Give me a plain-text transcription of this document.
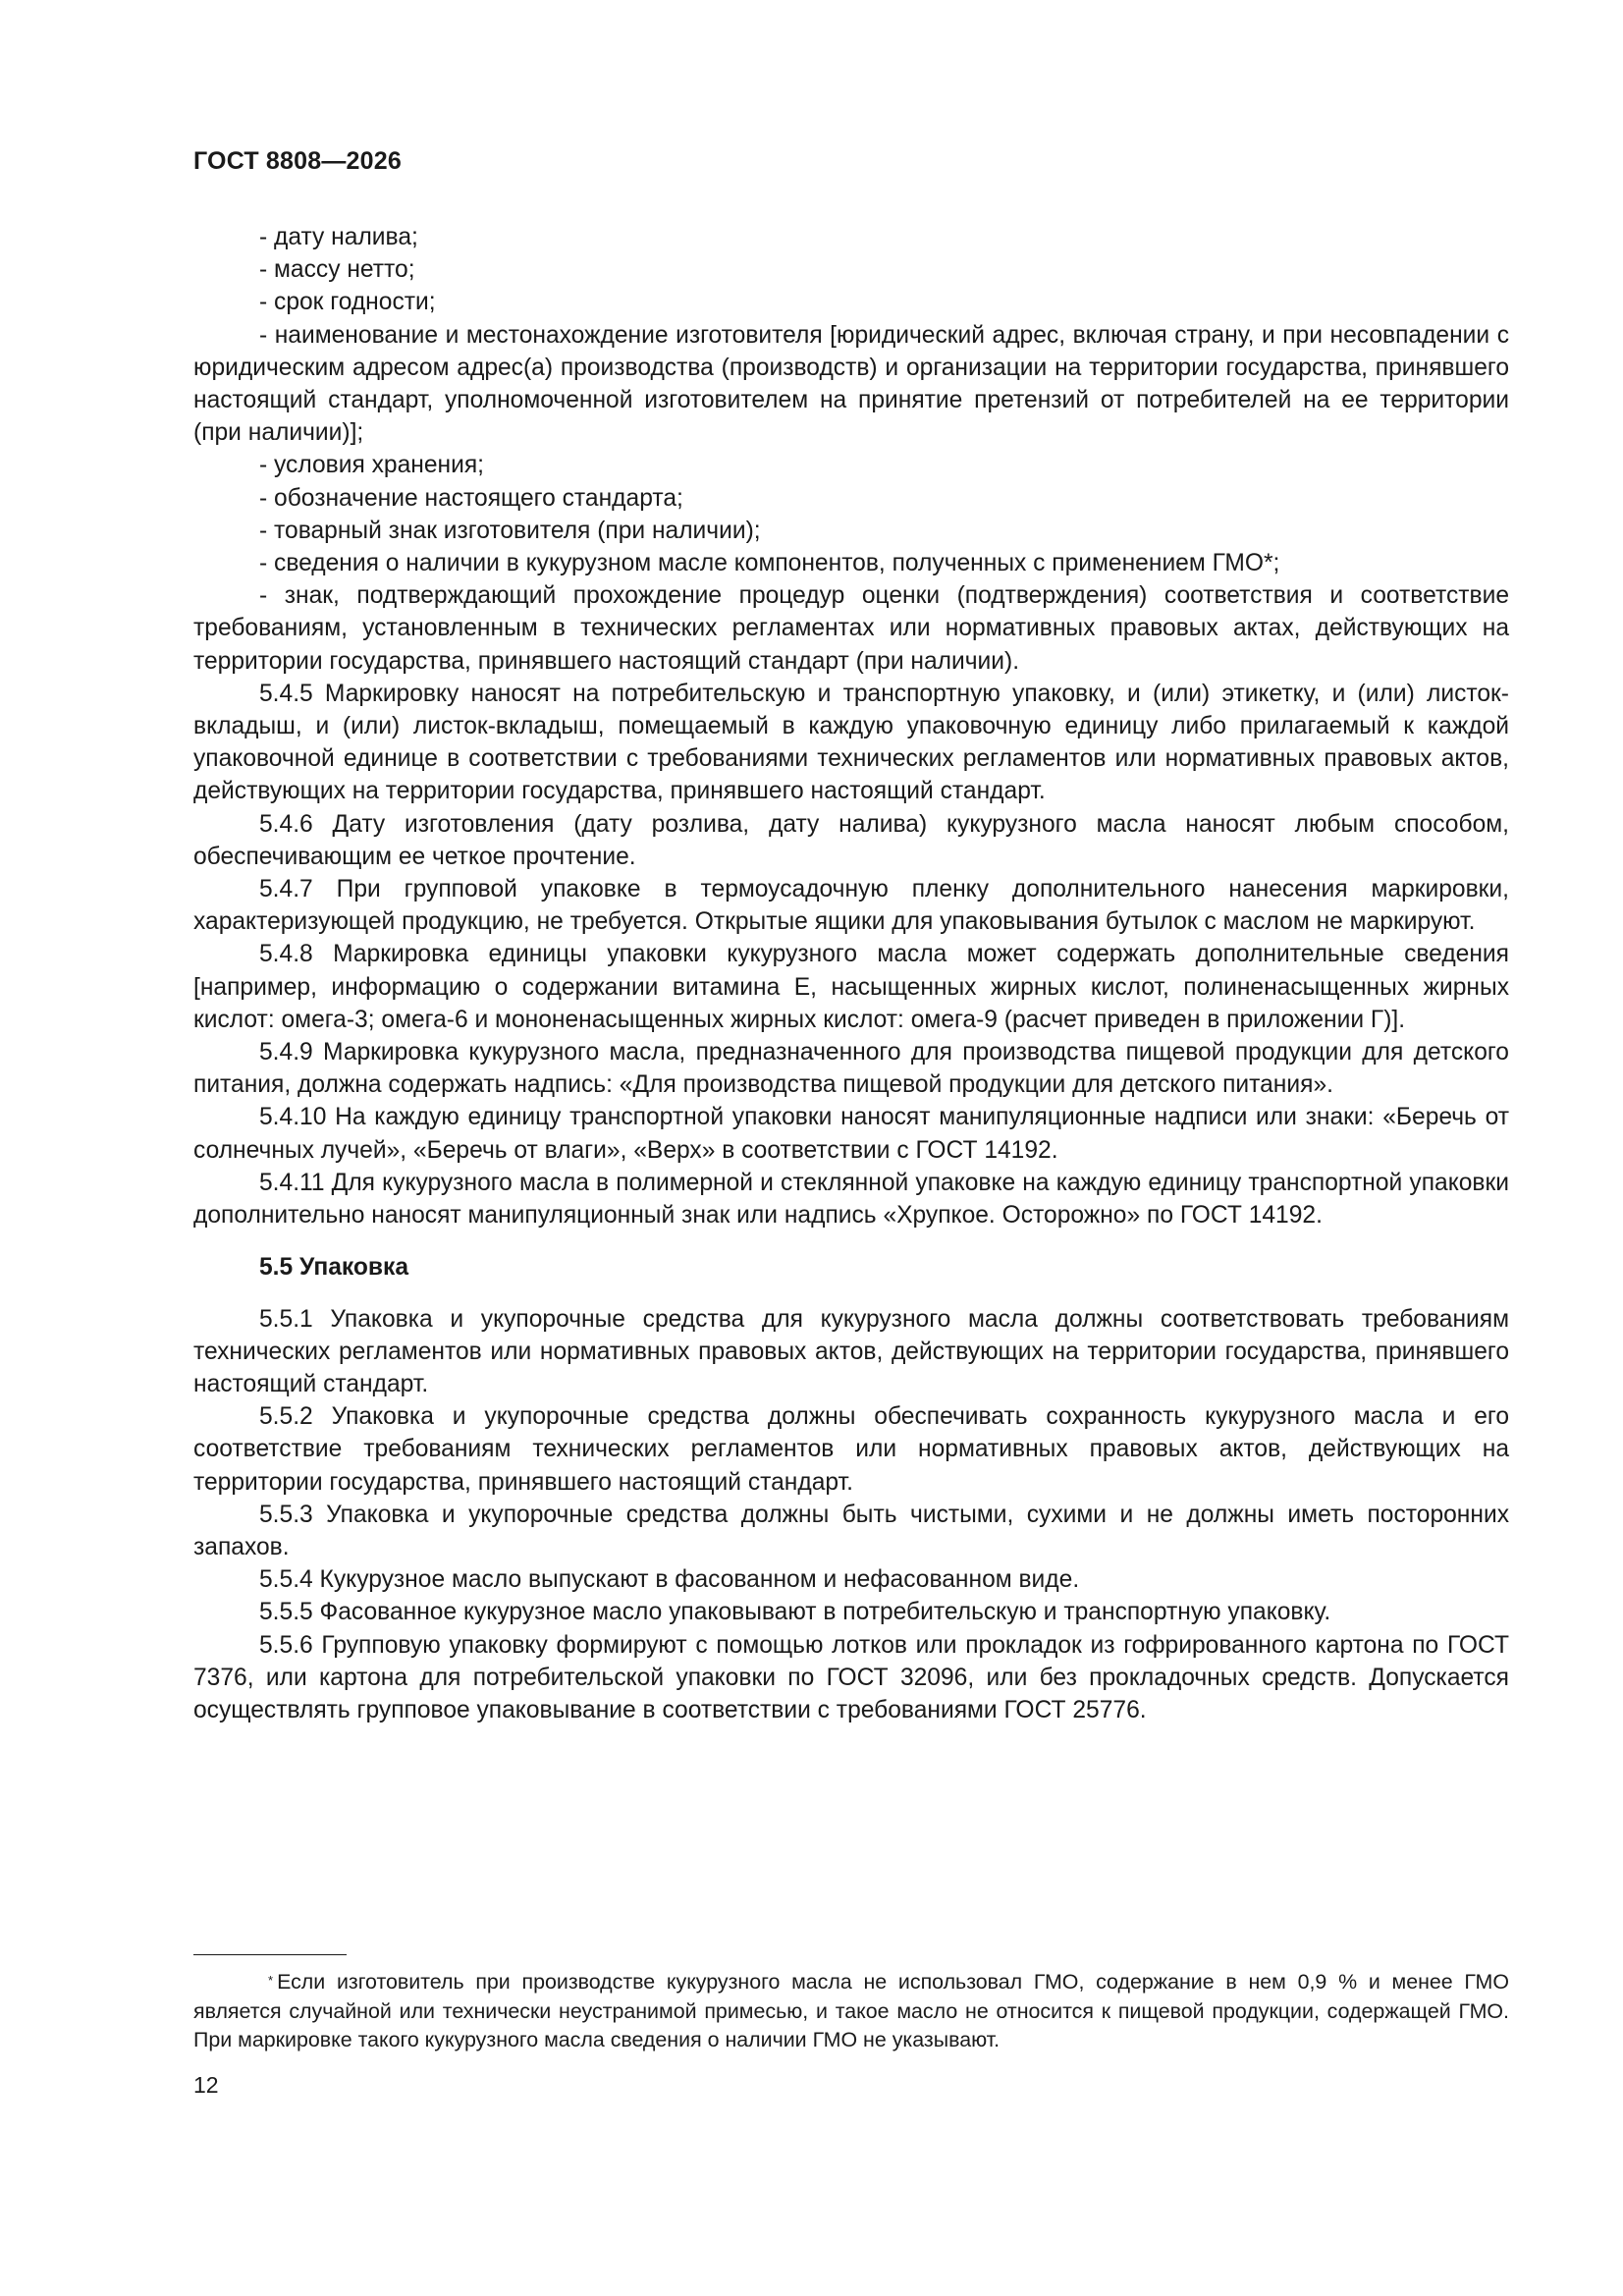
ГОСТ 8808—2026

- дату налива;

- массу нетто;

- срок годности;

- наименование и местонахождение изготовителя [юридический адрес, включая страну, и при несовпадении с юридическим адресом адрес(а) производства (производств) и организации на территории государства, принявшего настоящий стандарт, уполномоченной изготовителем на принятие претензий от потребителей на ее территории (при наличии)];

- условия хранения;

- обозначение настоящего стандарта;

- товарный знак изготовителя (при наличии);

- сведения о наличии в кукурузном масле компонентов, полученных с применением ГМО*;

- знак, подтверждающий прохождение процедур оценки (подтверждения) соответствия и соответствие требованиям, установленным в технических регламентах или нормативных правовых актах, действующих на территории государства, принявшего настоящий стандарт (при наличии).

5.4.5 Маркировку наносят на потребительскую и транспортную упаковку, и (или) этикетку, и (или) листок-вкладыш, и (или) листок-вкладыш, помещаемый в каждую упаковочную единицу либо прилагаемый к каждой упаковочной единице в соответствии с требованиями технических регламентов или нормативных правовых актов, действующих на территории государства, принявшего настоящий стандарт.

5.4.6 Дату изготовления (дату розлива, дату налива) кукурузного масла наносят любым способом, обеспечивающим ее четкое прочтение.

5.4.7 При групповой упаковке в термоусадочную пленку дополнительного нанесения маркировки, характеризующей продукцию, не требуется. Открытые ящики для упаковывания бутылок с маслом не маркируют.

5.4.8 Маркировка единицы упаковки кукурузного масла может содержать дополнительные сведения [например, информацию о содержании витамина Е, насыщенных жирных кислот, полиненасыщенных жирных кислот: омега-3; омега-6 и мононенасыщенных жирных кислот: омега-9 (расчет приведен в приложении Г)].

5.4.9 Маркировка кукурузного масла, предназначенного для производства пищевой продукции для детского питания, должна содержать надпись: «Для производства пищевой продукции для детского питания».

5.4.10 На каждую единицу транспортной упаковки наносят манипуляционные надписи или знаки: «Беречь от солнечных лучей», «Беречь от влаги», «Верх» в соответствии с ГОСТ 14192.

5.4.11 Для кукурузного масла в полимерной и стеклянной упаковке на каждую единицу транспортной упаковки дополнительно наносят манипуляционный знак или надпись «Хрупкое. Осторожно» по ГОСТ 14192.

5.5 Упаковка

5.5.1 Упаковка и укупорочные средства для кукурузного масла должны соответствовать требованиям технических регламентов или нормативных правовых актов, действующих на территории государства, принявшего настоящий стандарт.

5.5.2 Упаковка и укупорочные средства должны обеспечивать сохранность кукурузного масла и его соответствие требованиям технических регламентов или нормативных правовых актов, действующих на территории государства, принявшего настоящий стандарт.

5.5.3 Упаковка и укупорочные средства должны быть чистыми, сухими и не должны иметь посторонних запахов.

5.5.4 Кукурузное масло выпускают в фасованном и нефасованном виде.

5.5.5 Фасованное кукурузное масло упаковывают в потребительскую и транспортную упаковку.

5.5.6 Групповую упаковку формируют с помощью лотков или прокладок из гофрированного картона по ГОСТ 7376, или картона для потребительской упаковки по ГОСТ 32096, или без прокладочных средств. Допускается осуществлять групповое упаковывание в соответствии с требованиями ГОСТ 25776.

* Если изготовитель при производстве кукурузного масла не использовал ГМО, содержание в нем 0,9 % и менее ГМО является случайной или технически неустранимой примесью, и такое масло не относится к пищевой продукции, содержащей ГМО. При маркировке такого кукурузного масла сведения о наличии ГМО не указывают.

12
